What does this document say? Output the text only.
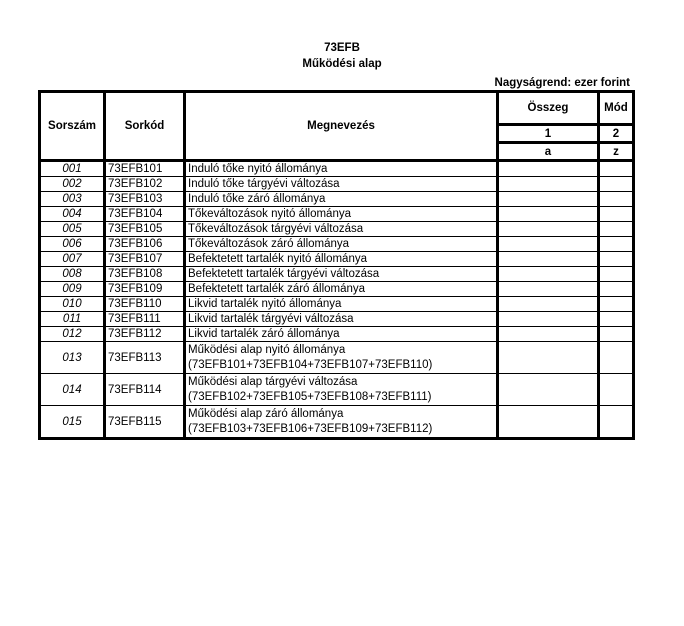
73EFB
Működési alap
Nagyságrend: ezer forint
Sorszám	Sorkód	Megnevezés	Összeg	Mód
			1	2
			a	z
001	73EFB101	Induló tőke nyitó állománya		

002	73EFB102	Induló tőke tárgyévi változása		

003	73EFB103	Induló tőke záró állománya		

004	73EFB104	Tőkeváltozások nyitó állománya		

005	73EFB105	Tőkeváltozások tárgyévi változása		

006	73EFB106	Tőkeváltozások záró állománya		

007	73EFB107	Befektetett tartalék nyitó állománya		

008	73EFB108	Befektetett tartalék tárgyévi változása		

009	73EFB109	Befektetett tartalék záró állománya		

010	73EFB110	Likvid tartalék nyitó állománya		

011	73EFB111	Likvid tartalék tárgyévi változása		

012	73EFB112	Likvid tartalék záró állománya		

013	73EFB113	Működési alap nyitó állománya
(73EFB101+73EFB104+73EFB107+73EFB110)		

014	73EFB114	Működési alap tárgyévi változása
(73EFB102+73EFB105+73EFB108+73EFB111)		

015	73EFB115	Működési alap záró állománya
(73EFB103+73EFB106+73EFB109+73EFB112)		
